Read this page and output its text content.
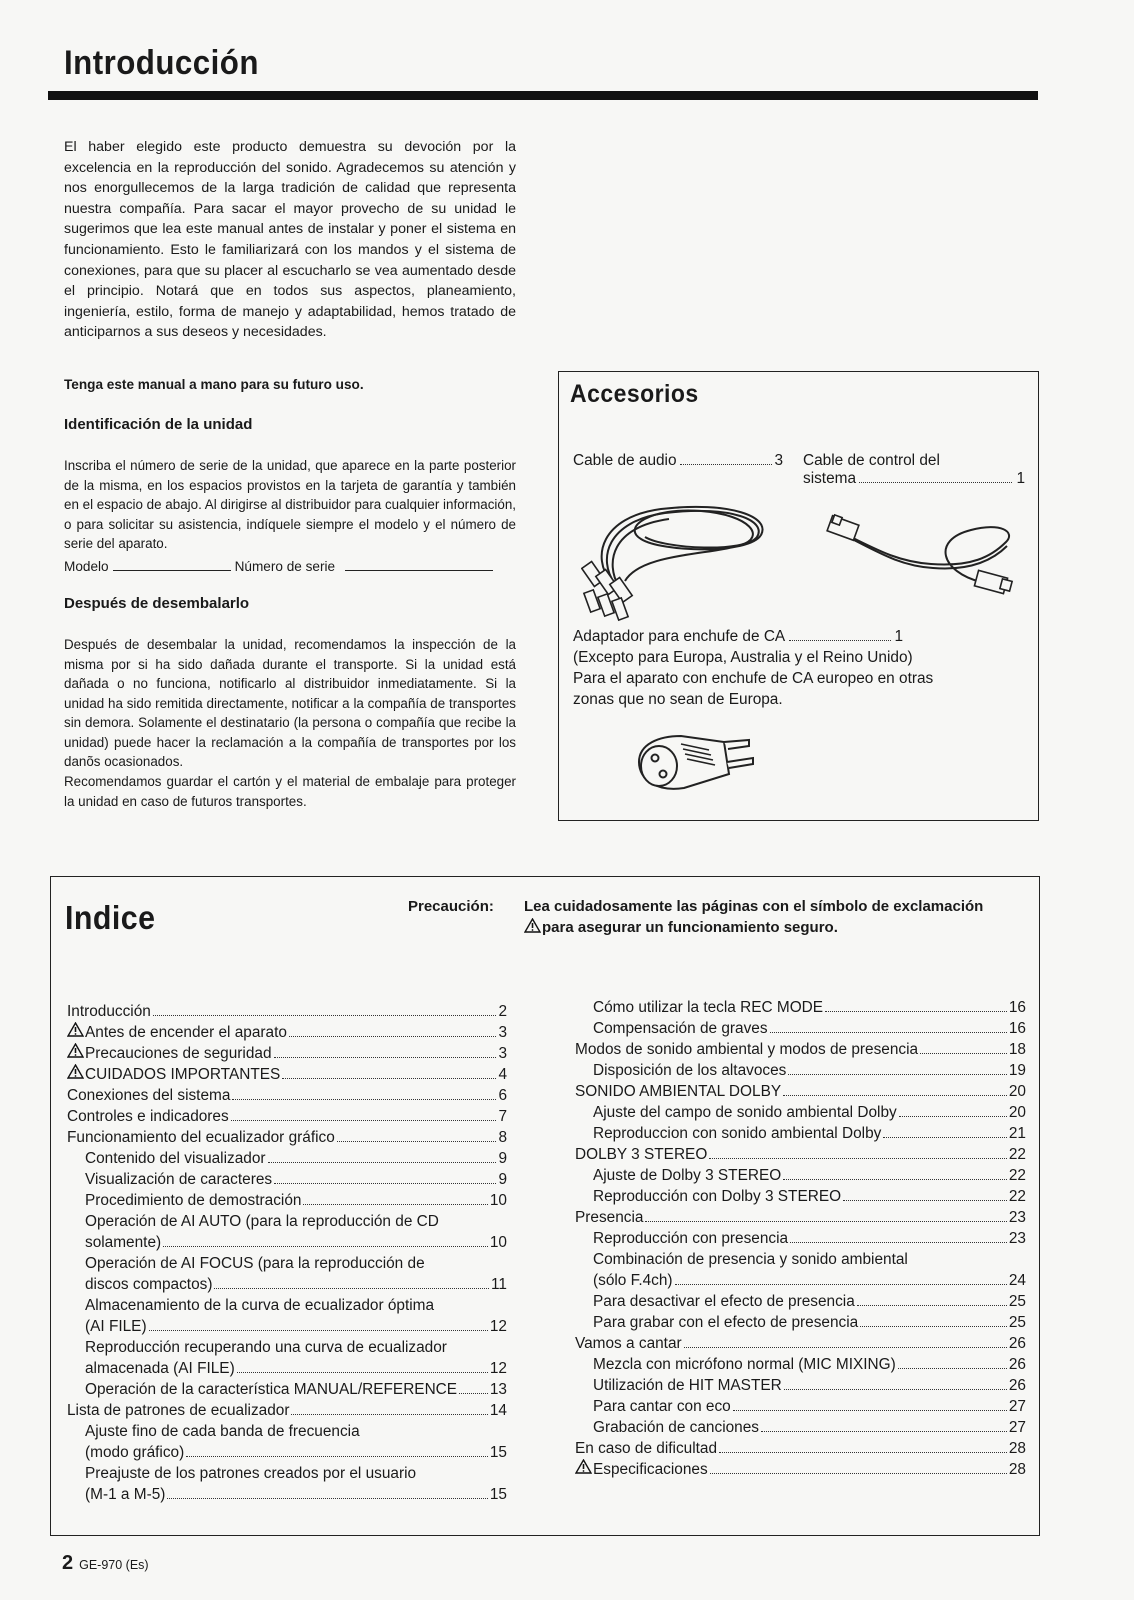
Introducción
El haber elegido este producto demuestra su devoción por la excelencia en la reproducción del sonido. Agradecemos su atención y nos enorgullecemos de la larga tradición de calidad que representa nuestra compañía. Para sacar el mayor provecho de su unidad le sugerimos que lea este manual antes de instalar y poner el sistema en funcionamiento. Esto le familiarizará con los mandos y el sistema de conexiones, para que su placer al escucharlo se vea aumentado desde el principio. Notará que en todos sus aspectos, planeamiento, ingeniería, estilo, forma de manejo y adaptabilidad, hemos tratado de anticiparnos a sus deseos y necesidades.
Tenga este manual a mano para su futuro uso.
Identificación de la unidad
Inscriba el número de serie de la unidad, que aparece en la parte posterior de la misma, en los espacios provistos en la tarjeta de garantía y también en el espacio de abajo. Al dirigirse al distribuidor para cualquier información, o para solicitar su asistencia, indíquele siempre el modelo y el número de serie del aparato.
Modelo	Número de serie
Después de desembalarlo
Después de desembalar la unidad, recomendamos la inspección de la misma por si ha sido dañada durante el transporte. Si la unidad está dañada o no funciona, notificarlo al distribuidor inmediatamente. Si la unidad ha sido remitida directamente, notificar a la compañía de transportes sin demora. Solamente el destinatario (la persona o compañía que recibe la unidad) puede hacer la reclamación a la compañía de transportes por los danõs ocasionados.
Recomendamos guardar el cartón y el material de embalaje para proteger la unidad en caso de futuros transportes.
Accesorios
Cable de audio	3 Cable de control del
sistema	1
Adaptador para enchufe de CA	1
(Excepto para Europa, Australia y el Reino Unido)
Para el aparato con enchufe de CA europeo en otras zonas que no sean de Europa.
Indice	Precaución: Lea cuidadosamente las páginas con el símbolo de exclamación
para asegurar un funcionamiento seguro.
Introducción	2
Antes de encender el aparato	3
Precauciones de seguridad	3
CUIDADOS IMPORTANTES	4
Conexiones del sistema	6
Controles e indicadores	7
Funcionamiento del ecualizador gráfico	8
Contenido del visualizador	9
Visualización de caracteres	9
Procedimiento de demostración	10
Operación de AI AUTO (para la reproducción de CD
solamente)	10
Operación de AI FOCUS (para la reproducción de
discos compactos)	11
Almacenamiento de la curva de ecualizador óptima
(AI FILE)	12
Reproducción recuperando una curva de ecualizador
almacenada (AI FILE)	12
Operación de la característica MANUAL/REFERENCE 13
Lista de patrones de ecualizador	14
Ajuste fino de cada banda de frecuencia
(modo gráfico)	15
Preajuste de los patrones creados por el usuario
(M-1 a M-5)	15
Cómo utilizar la tecla REC MODE	16
Compensación de graves	16
Modos de sonido ambiental y modos de presencia	18
Disposición de los altavoces	19
SONIDO AMBIENTAL DOLBY	20
Ajuste del campo de sonido ambiental Dolby	20
Reproduccion con sonido ambiental Dolby	21
DOLBY 3 STEREO	22
Ajuste de Dolby 3 STEREO	22
Reproducción con Dolby 3 STEREO	22
Presencia	23
Reproducción con presencia	23
Combinación de presencia y sonido ambiental
(sólo F.4ch)	24
Para desactivar el efecto de presencia	25
Para grabar con el efecto de presencia	25
Vamos a cantar	26
Mezcla con micrófono normal (MIC MIXING)	26
Utilización de HIT MASTER	26
Para cantar con eco	27
Grabación de canciones	27
En caso de dificultad	28
Especificaciones	28
2 GE-970 (Es)
